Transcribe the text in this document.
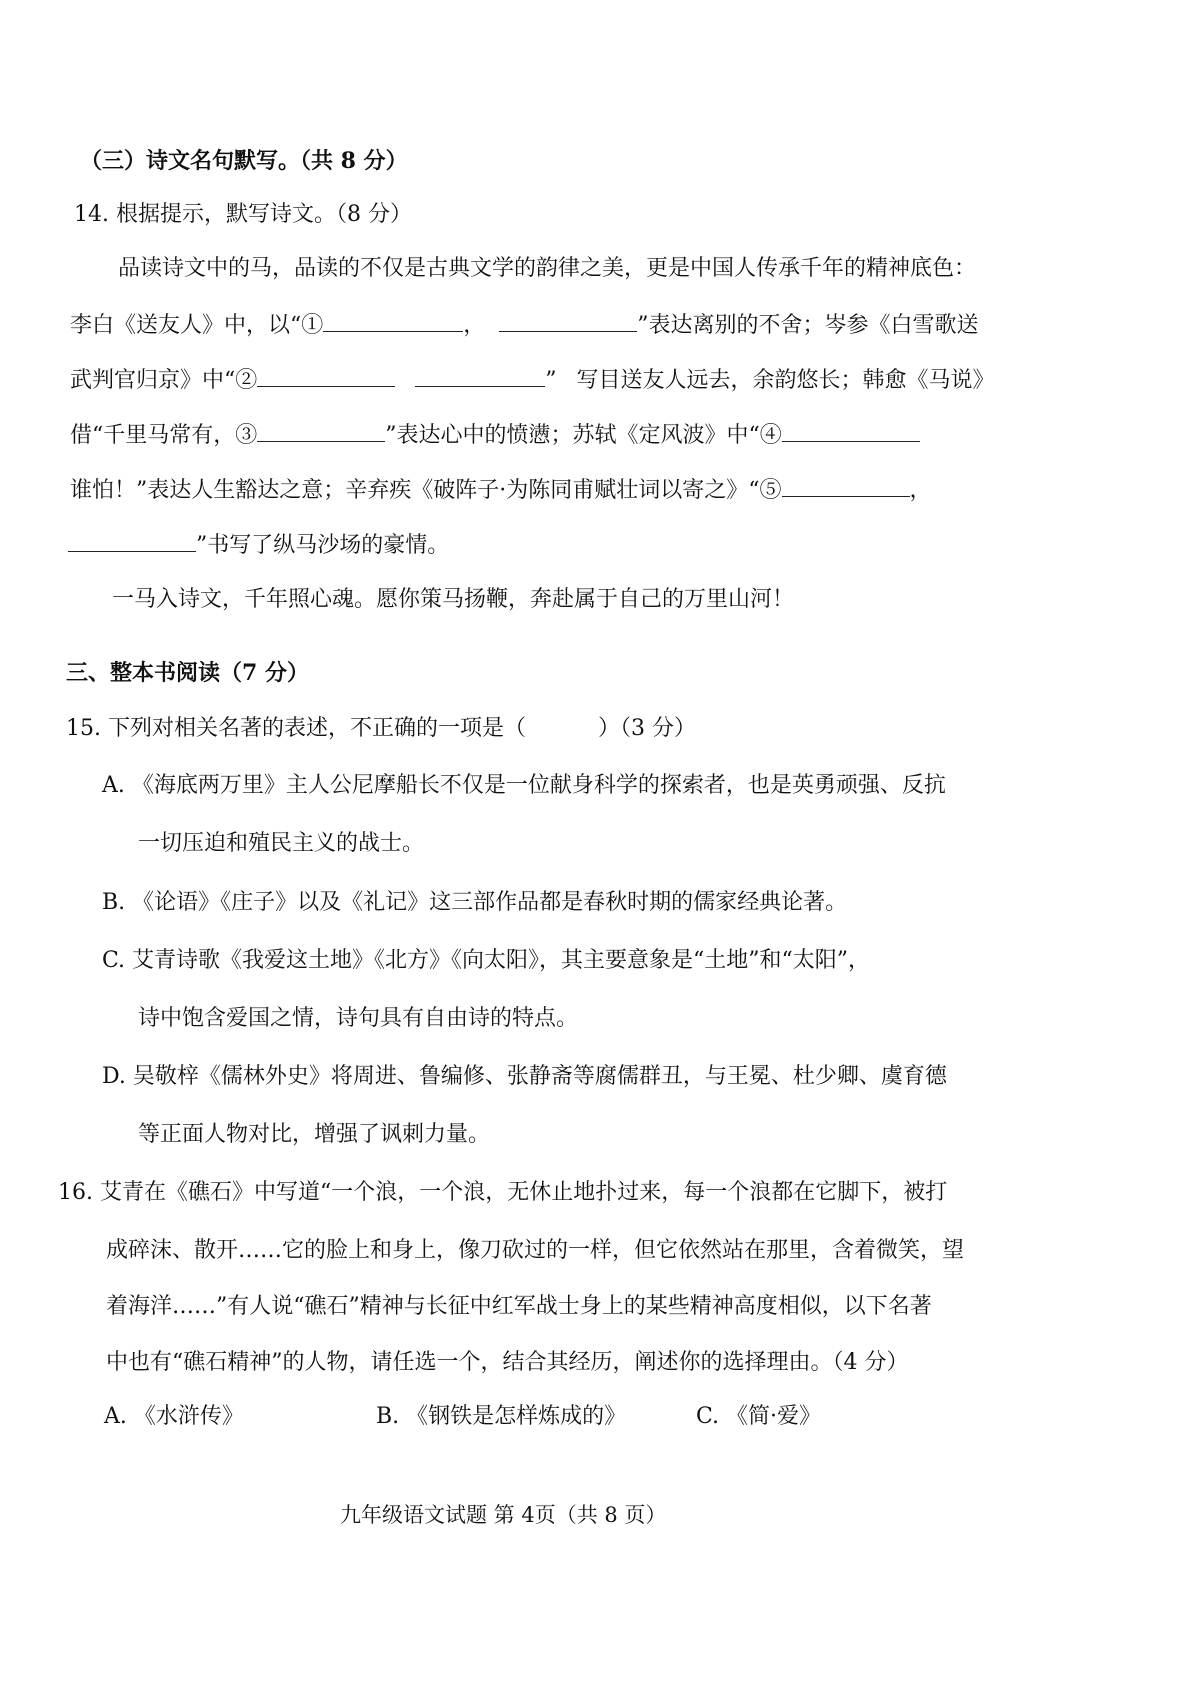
（三）诗文名句默写。（共 8 分）
14. 根据提示，默写诗文。（8 分）
品读诗文中的马，品读的不仅是古典文学的韵律之美，更是中国人传承千年的精神底色：
李白《送友人》中，以“①	，	”表达离别的不舍；岑参《白雪歌送
武判官归京》中“②	” 写目送友人远去，余韵悠长；韩愈《马说》
借“千里马常有，③	”表达心中的愤懑；苏轼《定风波》中“④
谁怕！”表达人生豁达之意；辛弃疾《破阵子·为陈同甫赋壮词以寄之》“⑤	，
”书写了纵马沙场的豪情。
一马入诗文，千年照心魂。愿你策马扬鞭，奔赴属于自己的万里山河！
三、整本书阅读（7 分）
15. 下列对相关名著的表述，不正确的一项是（	）（3 分）
A. 《海底两万里》主人公尼摩船长不仅是一位献身科学的探索者，也是英勇顽强、反抗
一切压迫和殖民主义的战士。
B. 《论语》《庄子》以及《礼记》这三部作品都是春秋时期的儒家经典论著。
C. 艾青诗歌《我爱这土地》《北方》《向太阳》，其主要意象是“土地”和“太阳”，
诗中饱含爱国之情，诗句具有自由诗的特点。
D. 吴敬梓《儒林外史》将周进、鲁编修、张静斋等腐儒群丑，与王冕、杜少卿、虞育德
等正面人物对比，增强了讽刺力量。
16. 艾青在《礁石》中写道“一个浪，一个浪，无休止地扑过来，每一个浪都在它脚下，被打
成碎沫、散开……它的脸上和身上，像刀砍过的一样，但它依然站在那里，含着微笑，望
着海洋……”有人说“礁石”精神与长征中红军战士身上的某些精神高度相似，以下名著
中也有“礁石精神”的人物，请任选一个，结合其经历，阐述你的选择理由。（4 分）
A. 《水浒传》	B. 《钢铁是怎样炼成的》	C. 《简·爱》
九年级语文试题 第 4页（共 8 页）
